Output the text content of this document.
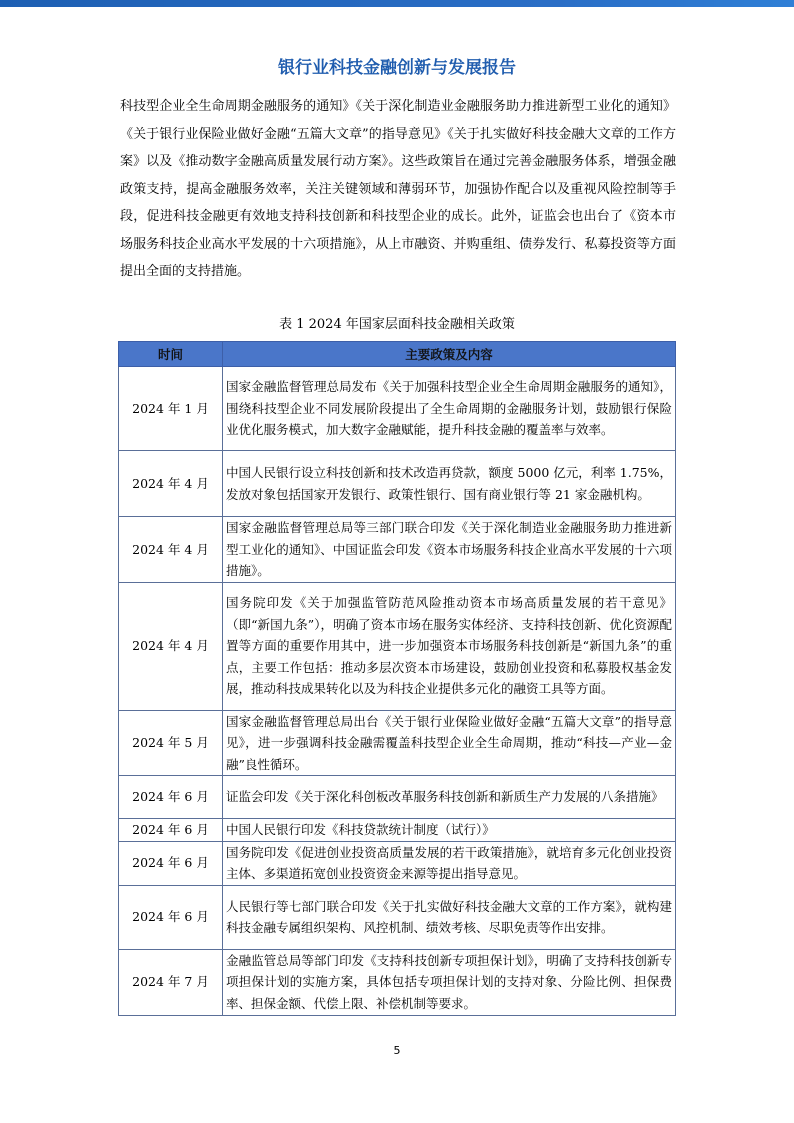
银行业科技金融创新与发展报告

科技型企业全生命周期金融服务的通知》《关于深化制造业金融服务助力推进新型工业化的通知》《关于银行业保险业做好金融“五篇大文章”的指导意见》《关于扎实做好科技金融大文章的工作方案》以及《推动数字金融高质量发展行动方案》。这些政策旨在通过完善金融服务体系，增强金融政策支持，提高金融服务效率，关注关键领域和薄弱环节，加强协作配合以及重视风险控制等手段，促进科技金融更有效地支持科技创新和科技型企业的成长。此外，证监会也出台了《资本市场服务科技企业高水平发展的十六项措施》，从上市融资、并购重组、债券发行、私募投资等方面提出全面的支持措施。

表 1 2024 年国家层面科技金融相关政策
时间	主要政策及内容
2024 年 1 月	国家金融监督管理总局发布《关于加强科技型企业全生命周期金融服务的通知》，围绕科技型企业不同发展阶段提出了全生命周期的金融服务计划，鼓励银行保险业优化服务模式，加大数字金融赋能，提升科技金融的覆盖率与效率。
2024 年 4 月	中国人民银行设立科技创新和技术改造再贷款，额度 5000 亿元，利率 1.75%，发放对象包括国家开发银行、政策性银行、国有商业银行等 21 家金融机构。
2024 年 4 月	国家金融监督管理总局等三部门联合印发《关于深化制造业金融服务助力推进新型工业化的通知》、中国证监会印发《资本市场服务科技企业高水平发展的十六项措施》。
2024 年 4 月	国务院印发《关于加强监管防范风险推动资本市场高质量发展的若干意见》（即“新国九条”），明确了资本市场在服务实体经济、支持科技创新、优化资源配置等方面的重要作用其中，进一步加强资本市场服务科技创新是“新国九条”的重点，主要工作包括：推动多层次资本市场建设，鼓励创业投资和私募股权基金发展，推动科技成果转化以及为科技企业提供多元化的融资工具等方面。
2024 年 5 月	国家金融监督管理总局出台《关于银行业保险业做好金融“五篇大文章”的指导意见》，进一步强调科技金融需覆盖科技型企业全生命周期，推动“科技—产业—金融”良性循环。
2024 年 6 月	证监会印发《关于深化科创板改革服务科技创新和新质生产力发展的八条措施》
2024 年 6 月	中国人民银行印发《科技贷款统计制度（试行）》
2024 年 6 月	国务院印发《促进创业投资高质量发展的若干政策措施》，就培育多元化创业投资主体、多渠道拓宽创业投资资金来源等提出指导意见。
2024 年 6 月	人民银行等七部门联合印发《关于扎实做好科技金融大文章的工作方案》，就构建科技金融专属组织架构、风控机制、绩效考核、尽职免责等作出安排。
2024 年 7 月	金融监管总局等部门印发《支持科技创新专项担保计划》，明确了支持科技创新专项担保计划的实施方案，具体包括专项担保计划的支持对象、分险比例、担保费率、担保金额、代偿上限、补偿机制等要求。
5
